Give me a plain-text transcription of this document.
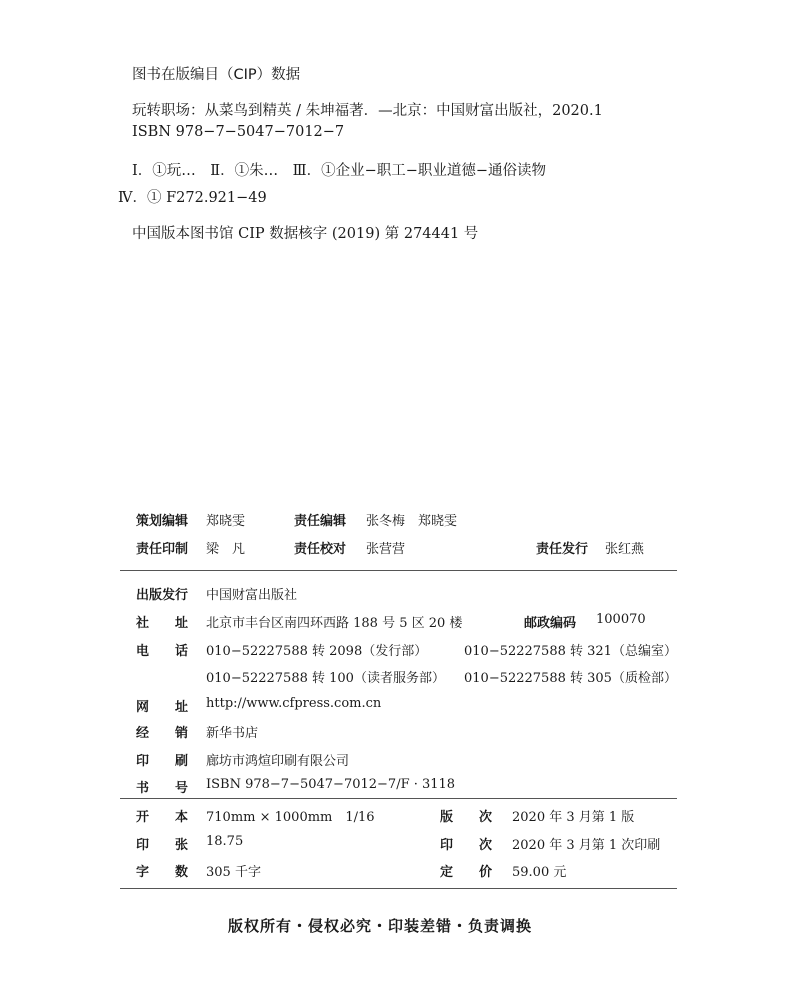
图书在版编目（CIP）数据
玩转职场：从菜鸟到精英 / 朱坤福著．—北京：中国财富出版社，2020.1
ISBN 978−7−5047−7012−7
Ⅰ．①玩…　Ⅱ．①朱…　Ⅲ．①企业−职工−职业道德−通俗读物
Ⅳ．① F272.921−49
中国版本图书馆 CIP 数据核字 (2019) 第 274441 号
策划编辑 郑晓雯	责任编辑 张冬梅　郑晓雯
责任印制 梁　凡	责任校对 张营营	责任发行 张红燕
出版发行 中国财富出版社
社　　址 北京市丰台区南四环西路 188 号 5 区 20 楼	邮政编码 100070
电　　话 010−52227588 转 2098（发行部）	010−52227588 转 321（总编室）
010−52227588 转 100（读者服务部） 010−52227588 转 305（质检部）
网　　址 http://www.cfpress.com.cn
经　　销 新华书店
印　　刷 廊坊市鸿煊印刷有限公司
书　　号 ISBN 978−7−5047−7012−7/F · 3118
开　　本 710mm × 1000mm　1/16	版　　次 2020 年 3 月第 1 版
印　　张 18.75	印　　次 2020 年 3 月第 1 次印刷
字　　数 305 千字	定　　价 59.00 元
版权所有・侵权必究・印装差错・负责调换
